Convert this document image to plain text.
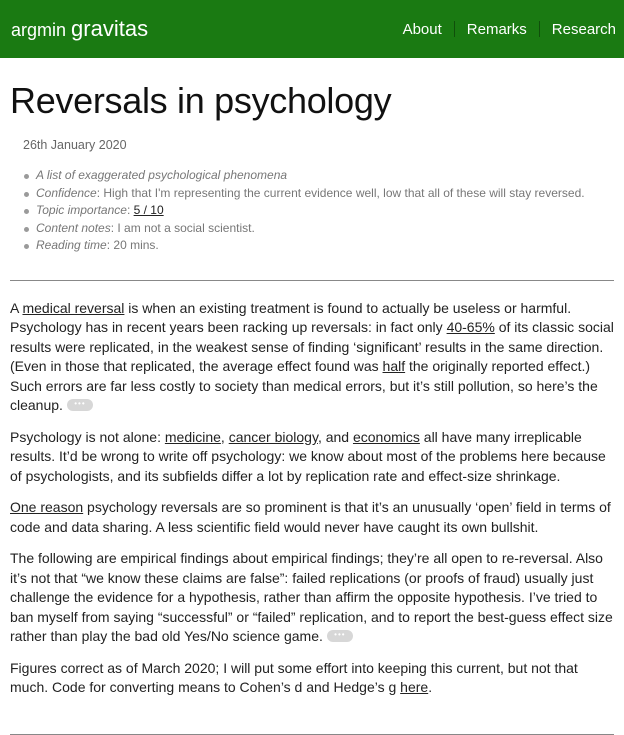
argmin gravitas	About	Remarks	Research
Reversals in psychology
26th January 2020
A list of exaggerated psychological phenomena
Confidence: High that I'm representing the current evidence well, low that all of these will stay reversed.
Topic importance: 5 / 10
Content notes: I am not a social scientist.
Reading time: 20 mins.

A medical reversal is when an existing treatment is found to actually be useless or harmful. Psychology has in recent years been racking up reversals: in fact only 40-65% of its classic social results were replicated, in the weakest sense of finding ‘significant’ results in the same direction. (Even in those that replicated, the average effect found was half the originally reported effect.) Such errors are far less costly to society than medical errors, but it’s still pollution, so here’s the cleanup.•••

Psychology is not alone: medicine, cancer biology, and economics all have many irreplicable results. It’d be wrong to write off psychology: we know about most of the problems here because of psychologists, and its subfields differ a lot by replication rate and effect-size shrinkage.

One reason psychology reversals are so prominent is that it’s an unusually ‘open’ field in terms of code and data sharing. A less scientific field would never have caught its own bullshit.

The following are empirical findings about empirical findings; they’re all open to re-reversal. Also it’s not that “we know these claims are false”: failed replications (or proofs of fraud) usually just challenge the evidence for a hypothesis, rather than affirm the opposite hypothesis. I’ve tried to ban myself from saying “successful” or “failed” replication, and to report the best-guess effect size rather than play the bad old Yes/No science game.•••

Figures correct as of March 2020; I will put some effort into keeping this current, but not that much. Code for converting means to Cohen’s d and Hedge’s g here.
